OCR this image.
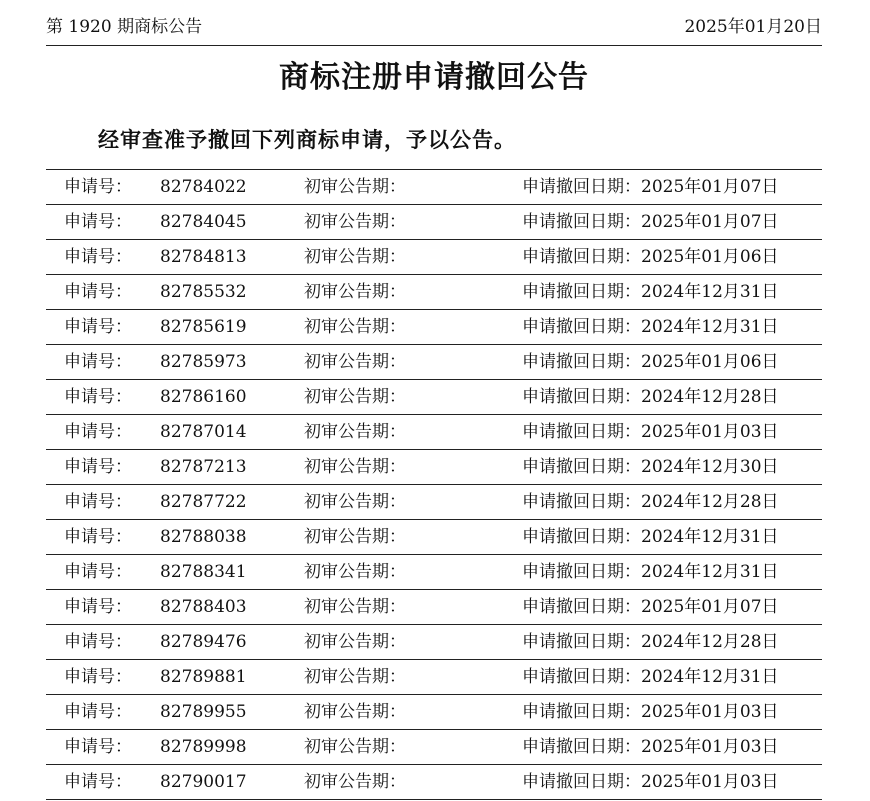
第 1920 期商标公告	2025年01月20日
商标注册申请撤回公告
经审查准予撤回下列商标申请，予以公告。
申请号： 82784022	初审公告期：	申请撤回日期：2025年01月07日
申请号： 82784045	初审公告期：	申请撤回日期：2025年01月07日
申请号： 82784813	初审公告期：	申请撤回日期：2025年01月06日
申请号： 82785532	初审公告期：	申请撤回日期：2024年12月31日
申请号： 82785619	初审公告期：	申请撤回日期：2024年12月31日
申请号： 82785973	初审公告期：	申请撤回日期：2025年01月06日
申请号： 82786160	初审公告期：	申请撤回日期：2024年12月28日
申请号： 82787014	初审公告期：	申请撤回日期：2025年01月03日
申请号： 82787213	初审公告期：	申请撤回日期：2024年12月30日
申请号： 82787722	初审公告期：	申请撤回日期：2024年12月28日
申请号： 82788038	初审公告期：	申请撤回日期：2024年12月31日
申请号： 82788341	初审公告期：	申请撤回日期：2024年12月31日
申请号： 82788403	初审公告期：	申请撤回日期：2025年01月07日
申请号： 82789476	初审公告期：	申请撤回日期：2024年12月28日
申请号： 82789881	初审公告期：	申请撤回日期：2024年12月31日
申请号： 82789955	初审公告期：	申请撤回日期：2025年01月03日
申请号： 82789998	初审公告期：	申请撤回日期：2025年01月03日
申请号： 82790017	初审公告期：	申请撤回日期：2025年01月03日
